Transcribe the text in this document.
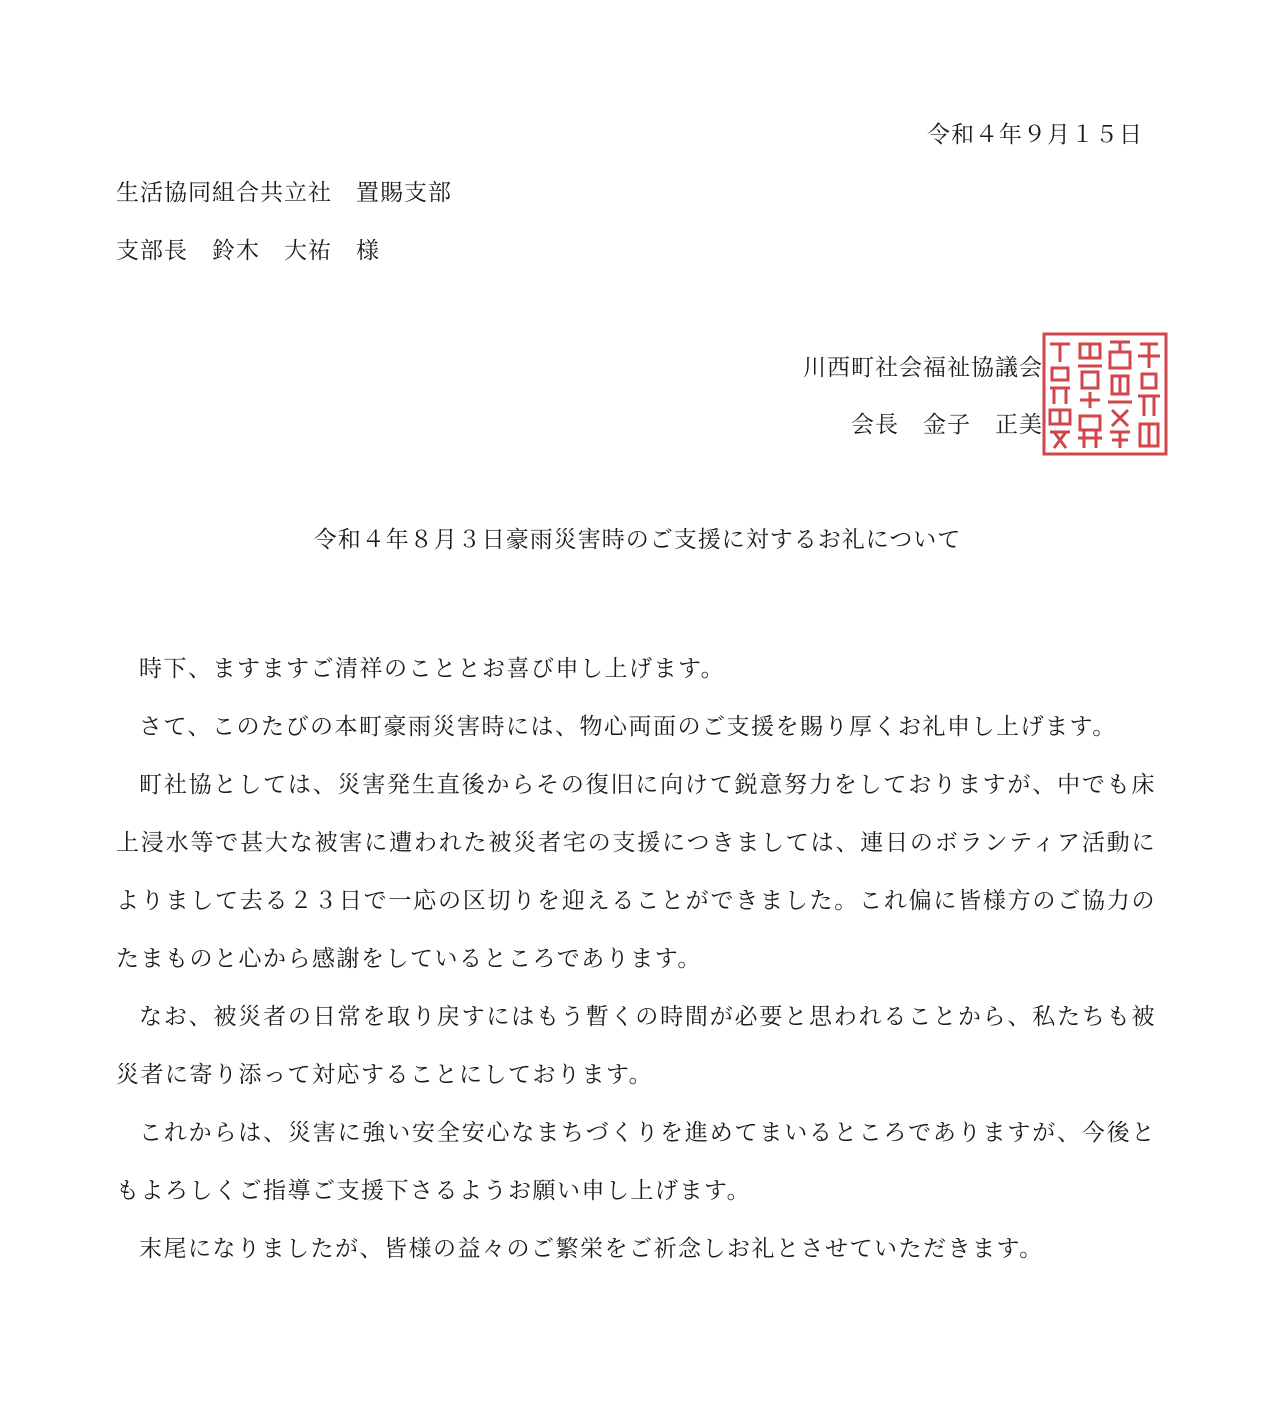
令和４年９月１５日
生活協同組合共立社　置賜支部
支部長　鈴木　大祐　様
川西町社会福祉協議会
会長　金子　正美
令和４年８月３日豪雨災害時のご支援に対するお礼について

時下、ますますご清祥のこととお喜び申し上げます。

さて、このたびの本町豪雨災害時には、物心両面のご支援を賜り厚くお礼申し上げます。

町社協としては、災害発生直後からその復旧に向けて鋭意努力をしておりますが、中でも床上浸水等で甚大な被害に遭われた被災者宅の支援につきましては、連日のボランティア活動によりまして去る２３日で一応の区切りを迎えることができました。これ偏に皆様方のご協力のたまものと心から感謝をしているところであります。

なお、被災者の日常を取り戻すにはもう暫くの時間が必要と思われることから、私たちも被災者に寄り添って対応することにしております。

これからは、災害に強い安全安心なまちづくりを進めてまいるところでありますが、今後ともよろしくご指導ご支援下さるようお願い申し上げます。

末尾になりましたが、皆様の益々のご繁栄をご祈念しお礼とさせていただきます。
